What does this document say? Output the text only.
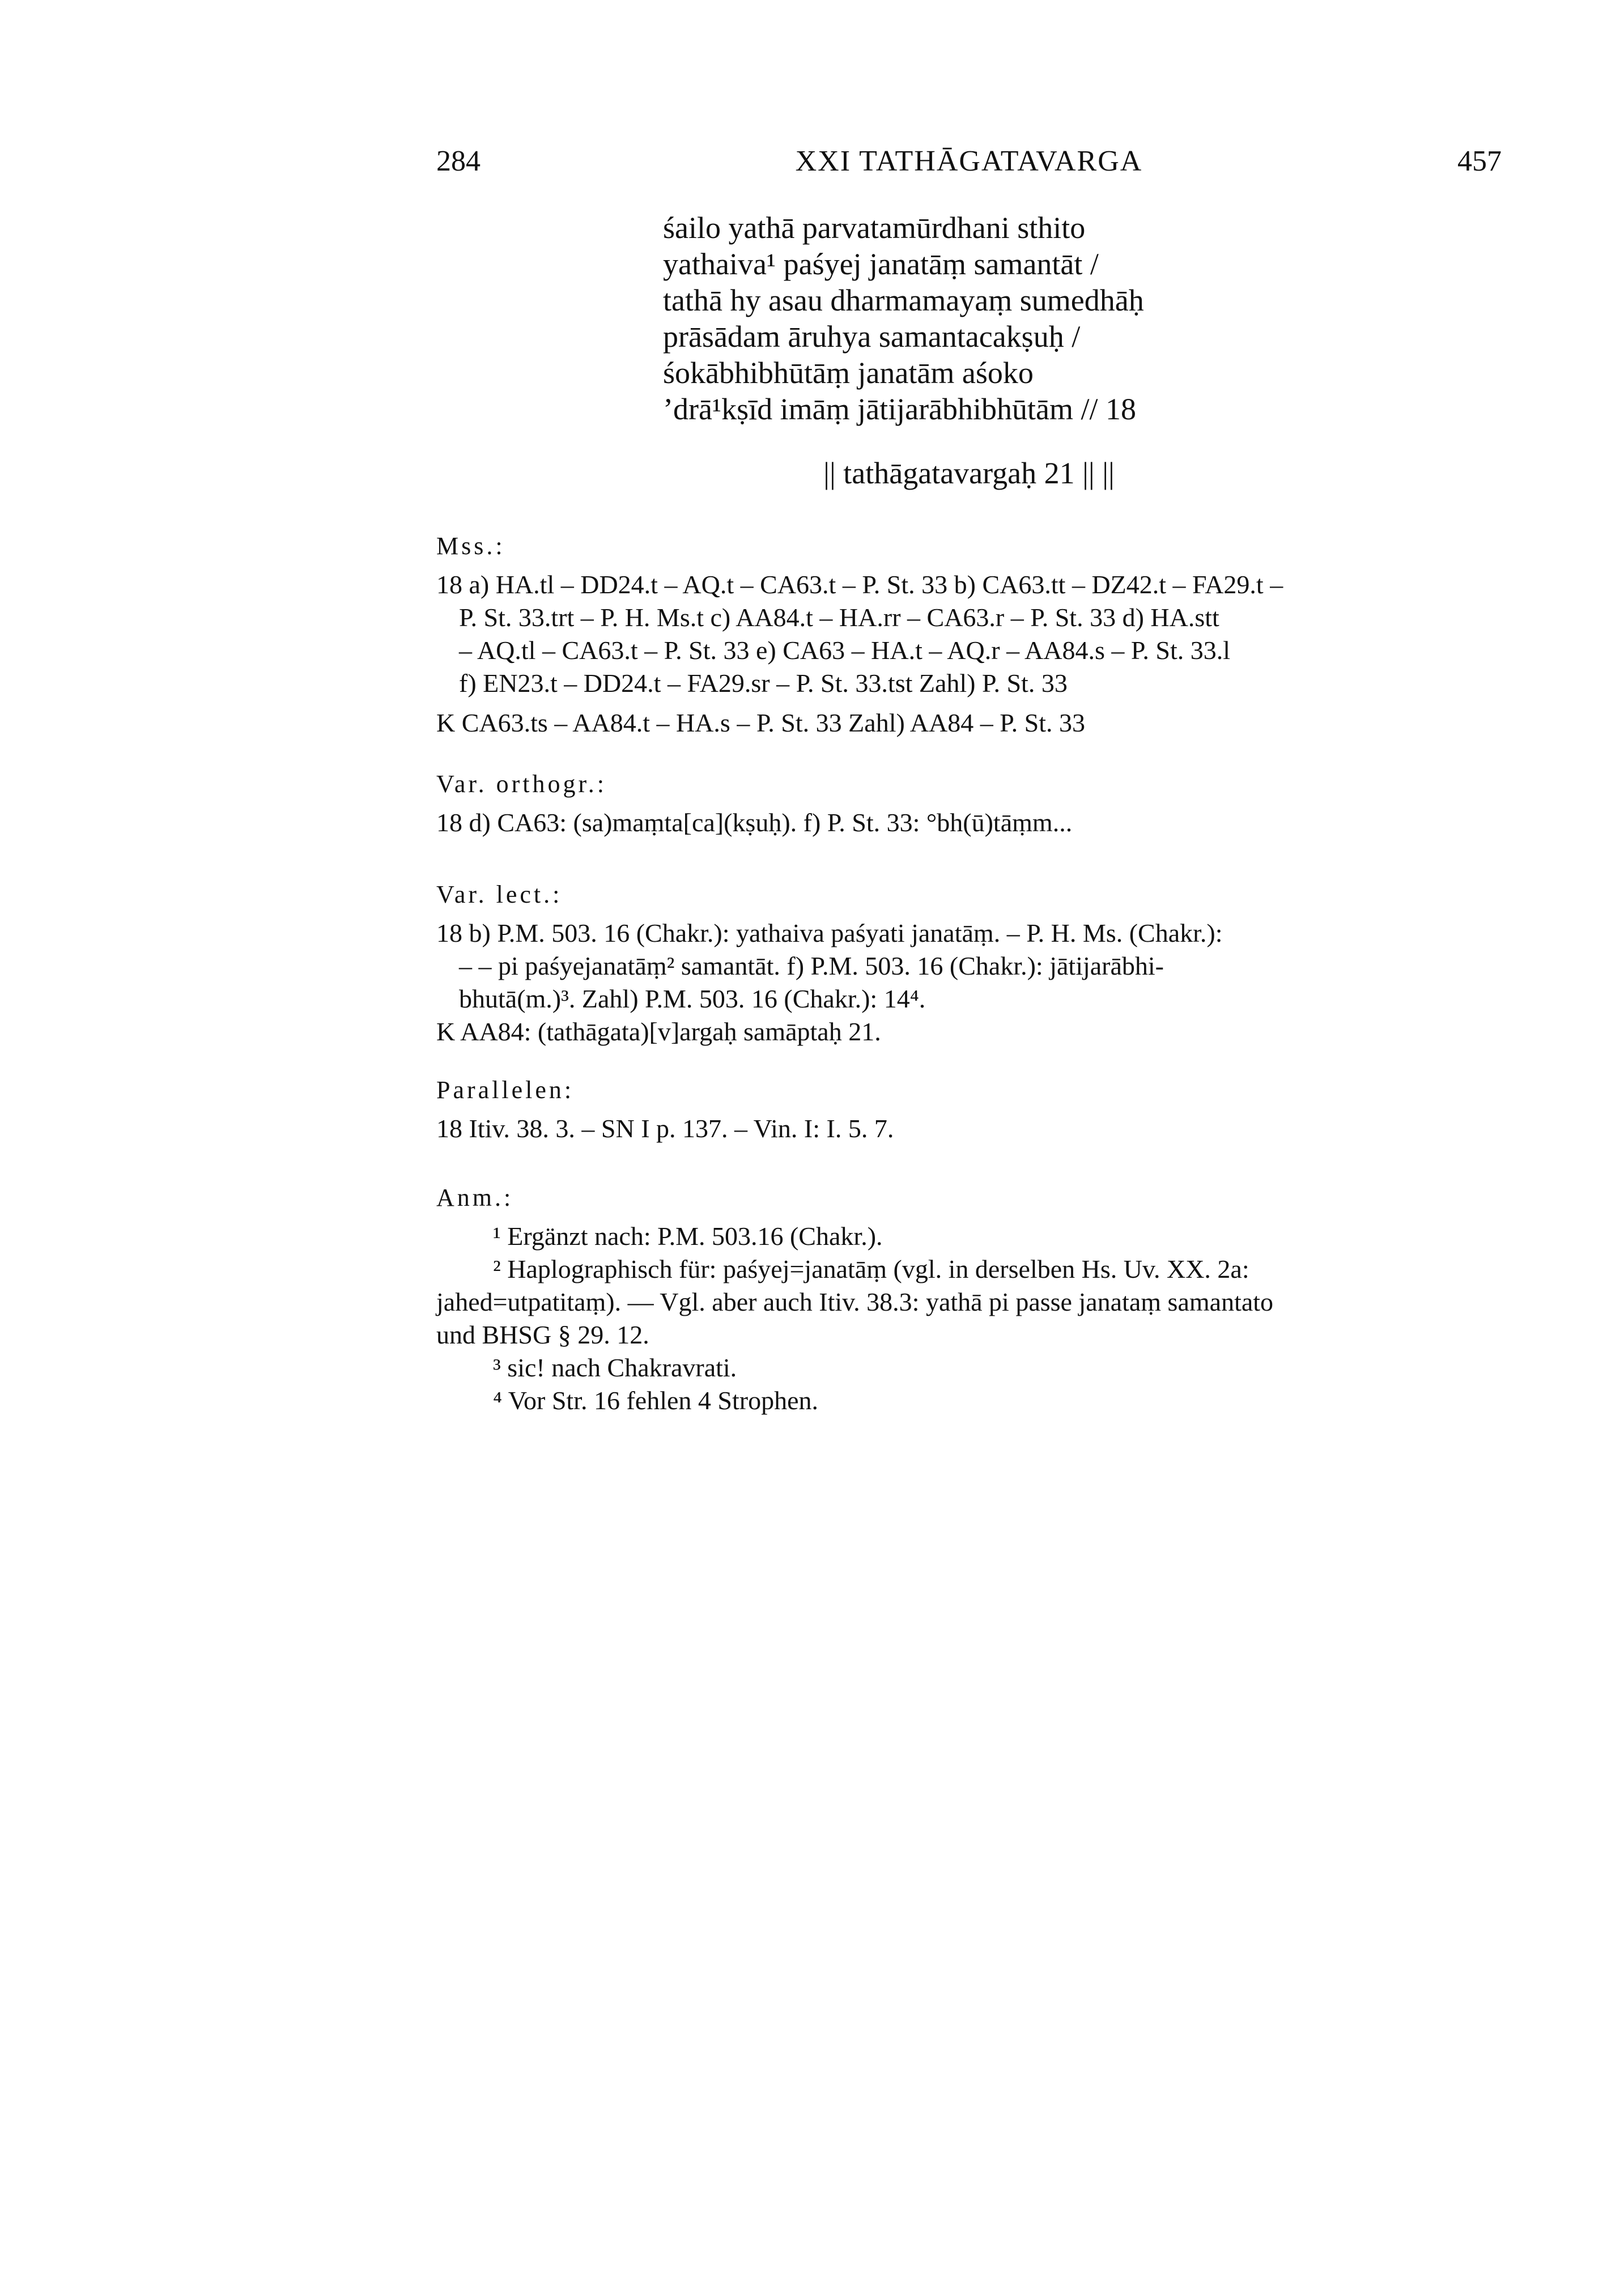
284	XXI TATHĀGATAVARGA	457
śailo yathā parvatamūrdhani sthito
yathaiva¹ paśyej janatāṃ samantāt /
tathā hy asau dharmamayaṃ sumedhāḥ
prāsādam āruhya samantacakṣuḥ /
śokābhibhūtāṃ janatām aśoko
’drā¹kṣīd imāṃ jātijarābhibhūtām // 18
|| tathāgatavargaḥ 21 || ||
Mss.:
18 a) HA.tl – DD24.t – AQ.t – CA63.t – P. St. 33 b) CA63.tt – DZ42.t – FA29.t –
P. St. 33.trt – P. H. Ms.t c) AA84.t – HA.rr – CA63.r – P. St. 33 d) HA.stt
– AQ.tl – CA63.t – P. St. 33 e) CA63 – HA.t – AQ.r – AA84.s – P. St. 33.l
f) EN23.t – DD24.t – FA29.sr – P. St. 33.tst Zahl) P. St. 33
K CA63.ts – AA84.t – HA.s – P. St. 33 Zahl) AA84 – P. St. 33
Var. orthogr.:
18 d) CA63: (sa)maṃta[ca](kṣuḥ). f) P. St. 33: °bh(ū)tāṃm...
Var. lect.:
18 b) P.M. 503. 16 (Chakr.): yathaiva paśyati janatāṃ. – P. H. Ms. (Chakr.):
– – pi paśyejanatāṃ² samantāt. f) P.M. 503. 16 (Chakr.): jātijarābhi-
bhutā(m.)³. Zahl) P.M. 503. 16 (Chakr.): 14⁴.
K AA84: (tathāgata)[v]argaḥ samāptaḥ 21.
Parallelen:
18 Itiv. 38. 3. – SN I p. 137. – Vin. I: I. 5. 7.
Anm.:
¹ Ergänzt nach: P.M. 503.16 (Chakr.).
² Haplographisch für: paśyej=janatāṃ (vgl. in derselben Hs. Uv. XX. 2a:
jahed=utpatitaṃ). — Vgl. aber auch Itiv. 38.3: yathā pi passe janataṃ samantato
und BHSG § 29. 12.
³ sic! nach Chakravrati.
⁴ Vor Str. 16 fehlen 4 Strophen.
